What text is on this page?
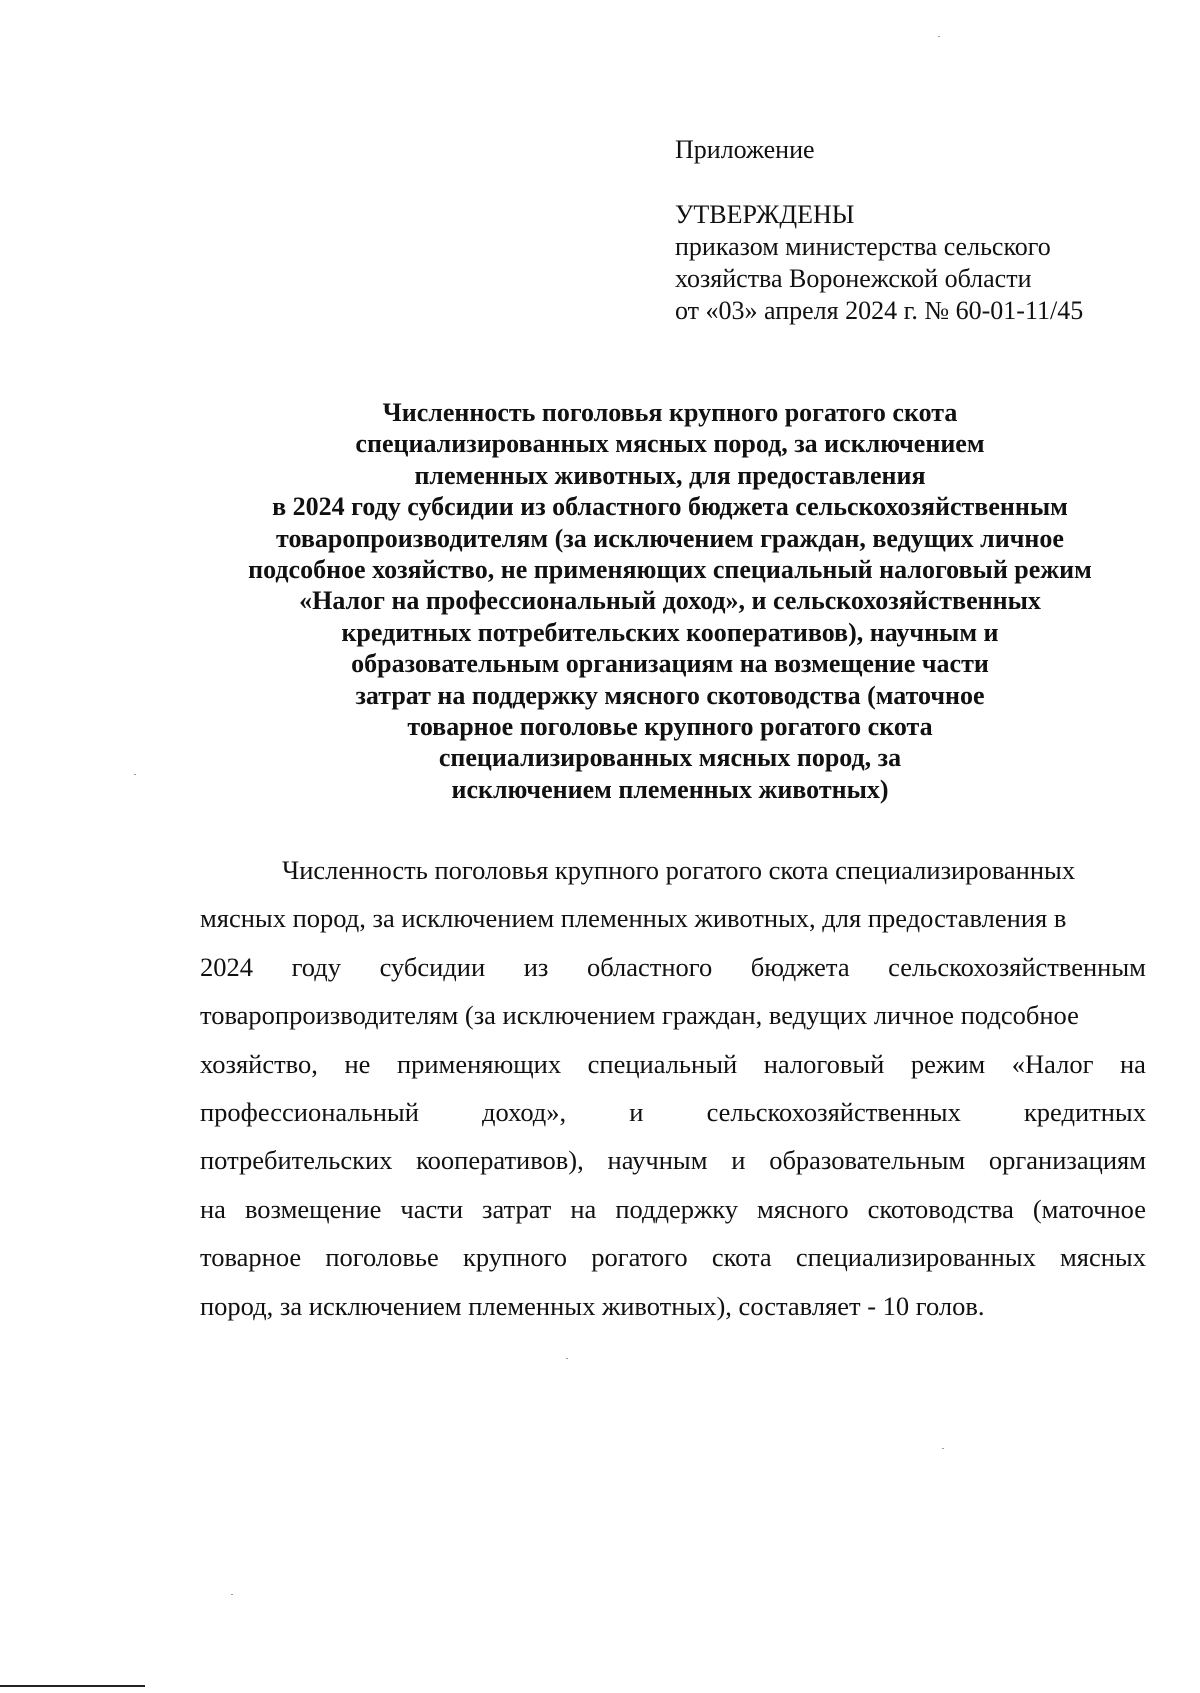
Приложение
УТВЕРЖДЕНЫ
приказом министерства сельского
хозяйства Воронежской области
от «03» апреля 2024 г. № 60-01-11/45
Численность поголовья крупного рогатого скота
специализированных мясных пород, за исключением
племенных животных, для предоставления
в 2024 году субсидии из областного бюджета сельскохозяйственным
товаропроизводителям (за исключением граждан, ведущих личное
подсобное хозяйство, не применяющих специальный налоговый режим
«Налог на профессиональный доход», и сельскохозяйственных
кредитных потребительских кооперативов), научным и
образовательным организациям на возмещение части
затрат на поддержку мясного скотоводства (маточное
товарное поголовье крупного рогатого скота
специализированных мясных пород, за
исключением племенных животных)
Численность поголовья крупного рогатого скота специализированных
мясных пород, за исключением племенных животных, для предоставления в
2024 году субсидии из областного бюджета сельскохозяйственным
товаропроизводителям (за исключением граждан, ведущих личное подсобное
хозяйство, не применяющих специальный налоговый режим «Налог на
профессиональный доход», и сельскохозяйственных кредитных
потребительских кооперативов), научным и образовательным организациям
на возмещение части затрат на поддержку мясного скотоводства (маточное
товарное поголовье крупного рогатого скота специализированных мясных
пород, за исключением племенных животных), составляет - 10 голов.
